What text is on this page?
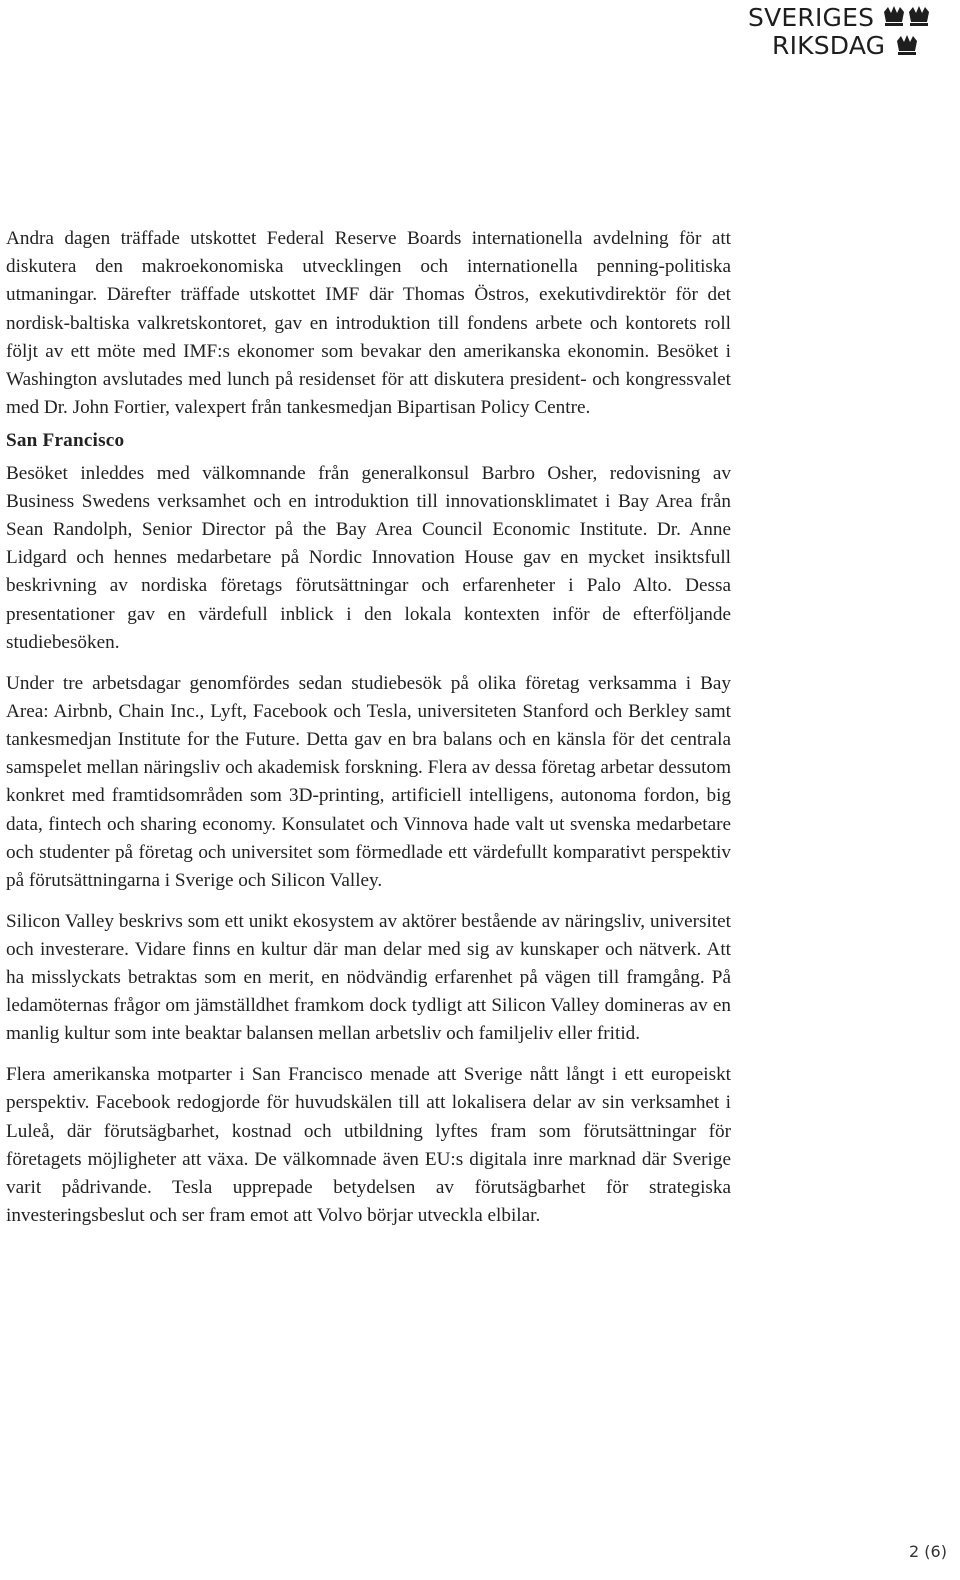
SVERIGES
RIKSDAG

Andra dagen träffade utskottet Federal Reserve Boards internationella avdelning för att diskutera den makroekonomiska utvecklingen och internationella penning-politiska utmaningar. Därefter träffade utskottet IMF där Thomas Östros, exekutivdirektör för det nordisk-baltiska valkretskontoret, gav en introduktion till fondens arbete och kontorets roll följt av ett möte med IMF:s ekonomer som bevakar den amerikanska ekonomin. Besöket i Washington avslutades med lunch på residenset för att diskutera president- och kongressvalet med Dr. John Fortier, valexpert från tankesmedjan Bipartisan Policy Centre.

San Francisco

Besöket inleddes med välkomnande från generalkonsul Barbro Osher, redovisning av Business Swedens verksamhet och en introduktion till innovationsklimatet i Bay Area från Sean Randolph, Senior Director på the Bay Area Council Economic Institute. Dr. Anne Lidgard och hennes medarbetare på Nordic Innovation House gav en mycket insiktsfull beskrivning av nordiska företags förutsättningar och erfarenheter i Palo Alto. Dessa presentationer gav en värdefull inblick i den lokala kontexten inför de efterföljande studiebesöken.

Under tre arbetsdagar genomfördes sedan studiebesök på olika företag verksamma i Bay Area: Airbnb, Chain Inc., Lyft, Facebook och Tesla, universiteten Stanford och Berkley samt tankesmedjan Institute for the Future. Detta gav en bra balans och en känsla för det centrala samspelet mellan näringsliv och akademisk forskning. Flera av dessa företag arbetar dessutom konkret med framtidsområden som 3D-printing, artificiell intelligens, autonoma fordon, big data, fintech och sharing economy. Konsulatet och Vinnova hade valt ut svenska medarbetare och studenter på företag och universitet som förmedlade ett värdefullt komparativt perspektiv på förutsättningarna i Sverige och Silicon Valley.

Silicon Valley beskrivs som ett unikt ekosystem av aktörer bestående av näringsliv, universitet och investerare. Vidare finns en kultur där man delar med sig av kunskaper och nätverk. Att ha misslyckats betraktas som en merit, en nödvändig erfarenhet på vägen till framgång. På ledamöternas frågor om jämställdhet framkom dock tydligt att Silicon Valley domineras av en manlig kultur som inte beaktar balansen mellan arbetsliv och familjeliv eller fritid.

Flera amerikanska motparter i San Francisco menade att Sverige nått långt i ett europeiskt perspektiv. Facebook redogjorde för huvudskälen till att lokalisera delar av sin verksamhet i Luleå, där förutsägbarhet, kostnad och utbildning lyftes fram som förutsättningar för företagets möjligheter att växa. De välkomnade även EU:s digitala inre marknad där Sverige varit pådrivande. Tesla upprepade betydelsen av förutsägbarhet för strategiska investeringsbeslut och ser fram emot att Volvo börjar utveckla elbilar.

2 (6)
